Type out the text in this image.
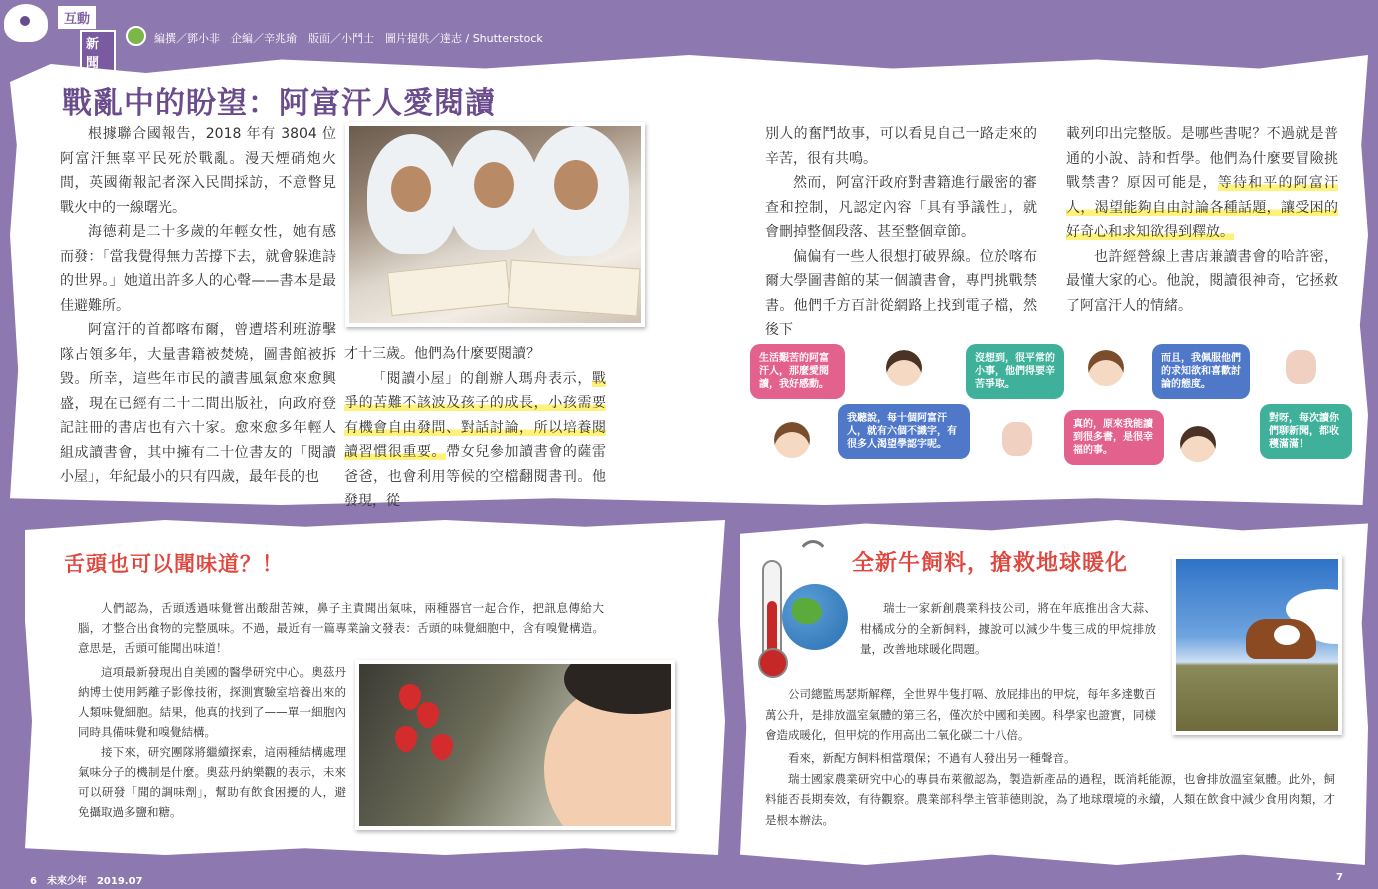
互動
新聞
編撰／鄧小非　企編／辛兆瑜　版面／小鬥士　圖片提供／達志 / Shutterstock
戰亂中的盼望：阿富汗人愛閱讀

根據聯合國報告，2018 年有 3804 位阿富汗無辜平民死於戰亂。漫天煙硝炮火間，英國衛報記者深入民間採訪，不意瞥見戰火中的一線曙光。

海德莉是二十多歲的年輕女性，她有感而發：「當我覺得無力苦撐下去，就會躲進詩的世界。」她道出許多人的心聲——書本是最佳避難所。

阿富汗的首都喀布爾，曾遭塔利班游擊隊占領多年，大量書籍被焚燒，圖書館被拆毀。所幸，這些年市民的讀書風氣愈來愈興盛，現在已經有二十二間出版社，向政府登記註冊的書店也有六十家。愈來愈多年輕人組成讀書會，其中擁有二十位書友的「閱讀小屋」，年紀最小的只有四歲，最年長的也

才十三歲。他們為什麼要閱讀？

「閱讀小屋」的創辦人瑪舟表示，戰爭的苦難不該波及孩子的成長，小孩需要有機會自由發問、對話討論，所以培養閱讀習慣很重要。帶女兒參加讀書會的薩雷爸爸，也會利用等候的空檔翻閱書刊。他發現，從

別人的奮鬥故事，可以看見自己一路走來的辛苦，很有共鳴。

然而，阿富汗政府對書籍進行嚴密的審查和控制，凡認定內容「具有爭議性」，就會刪掉整個段落、甚至整個章節。

偏偏有一些人很想打破界線。位於喀布爾大學圖書館的某一個讀書會，專門挑戰禁書。他們千方百計從網路上找到電子檔，然後下

載列印出完整版。是哪些書呢？不過就是普通的小說、詩和哲學。他們為什麼要冒險挑戰禁書？原因可能是，等待和平的阿富汗人，渴望能夠自由討論各種話題，讓受困的好奇心和求知欲得到釋放。

也許經營線上書店兼讀書會的哈許密，最懂大家的心。他說，閱讀很神奇，它拯救了阿富汗人的情緒。

生活艱苦的阿富汗人，那麼愛閱讀，我好感動。
我聽說，每十個阿富汗人，就有六個不識字，有很多人渴望學認字呢。
沒想到，很平常的小事，他們得要辛苦爭取。
真的，原來我能讀到很多書，是很幸福的事。
而且，我佩服他們的求知欲和喜歡討論的態度。
對呀，每次讀你們聊新聞，都收穫滿滿！
舌頭也可以聞味道？！

人們認為，舌頭透過味覺嘗出酸甜苦辣，鼻子主責聞出氣味，兩種器官一起合作，把訊息傳給大腦，才整合出食物的完整風味。不過，最近有一篇專業論文發表：舌頭的味覺細胞中，含有嗅覺構造。意思是，舌頭可能聞出味道！

這項最新發現出自美國的醫學研究中心。奧茲丹納博士使用鈣離子影像技術，探測實驗室培養出來的人類味覺細胞。結果，他真的找到了——單一細胞內同時具備味覺和嗅覺結構。

接下來，研究團隊將繼續探索，這兩種結構處理氣味分子的機制是什麼。奧茲丹納樂觀的表示，未來可以研發「聞的調味劑」，幫助有飲食困擾的人，避免攝取過多鹽和糖。

全新牛飼料，搶救地球暖化

瑞士一家新創農業科技公司，將在年底推出含大蒜、柑橘成分的全新飼料，據說可以減少牛隻三成的甲烷排放量，改善地球暖化問題。

公司總監馬瑟斯解釋，全世界牛隻打嗝、放屁排出的甲烷，每年多達數百萬公升，是排放溫室氣體的第三名，僅次於中國和美國。科學家也證實，同樣會造成暖化，但甲烷的作用高出二氧化碳二十八倍。

看來，新配方飼料相當環保；不過有人發出另一種聲音。

瑞士國家農業研究中心的專員布萊徹認為，製造新產品的過程，既消耗能源，也會排放溫室氣體。此外，飼料能否長期奏效，有待觀察。農業部科學主管菲德則說，為了地球環境的永續，人類在飲食中減少食用肉類，才是根本辦法。

6　未來少年　2019.07	7
